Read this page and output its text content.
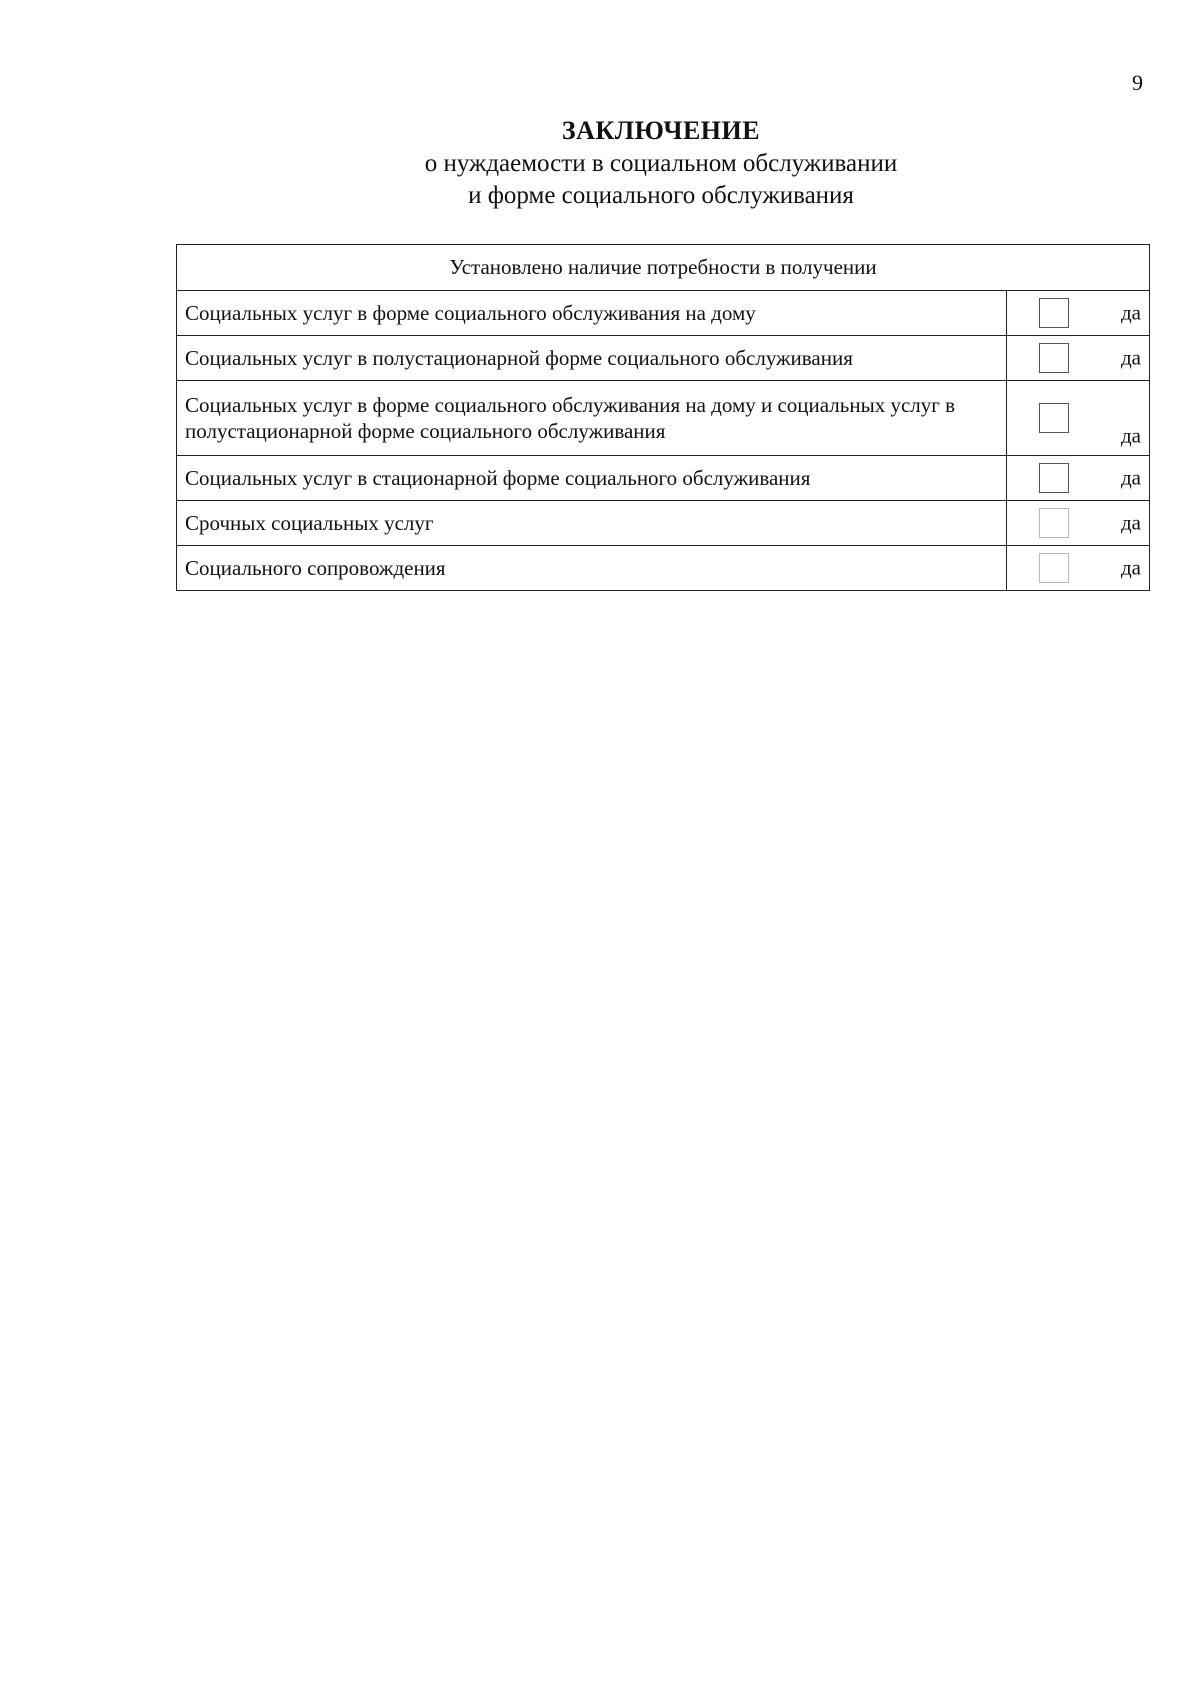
9
ЗАКЛЮЧЕНИЕ
о нуждаемости в социальном обслуживании
и форме социального обслуживания
Установлено наличие потребности в получении	
Социальных услуг в форме социального обслуживания на дому	да

Социальных услуг в полустационарной форме социального обслуживания	да

Социальных услуг в форме социального обслуживания на дому и социальных услуг в полустационарной форме социального обслуживания	да

Социальных услуг в стационарной форме социального обслуживания	да

Срочных социальных услуг	да

Социального сопровождения	да
